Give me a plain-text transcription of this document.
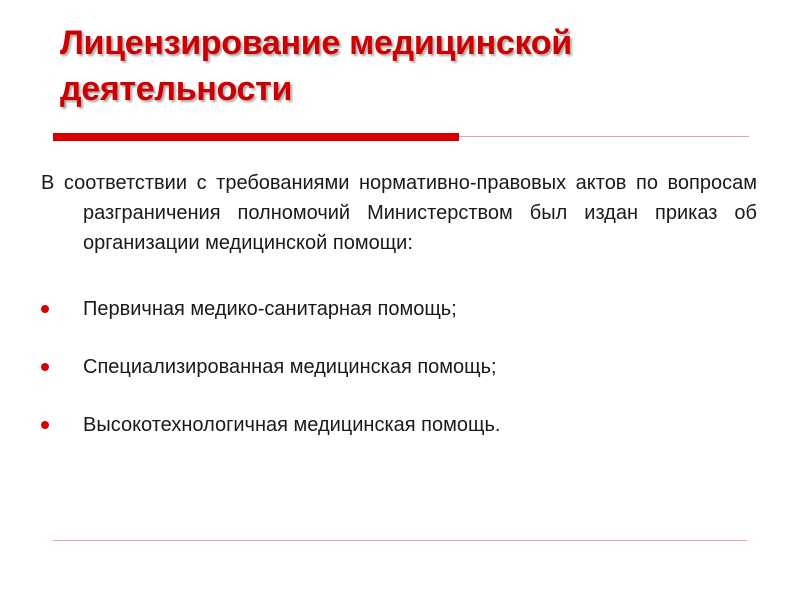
Лицензирование медицинской деятельности

В соответствии с требованиями нормативно-правовых актов по вопросам разграничения полномочий Министерством был издан приказ об организации медицинской помощи:

Первичная медико-санитарная помощь;
Специализированная медицинская помощь;
Высокотехнологичная медицинская помощь.
